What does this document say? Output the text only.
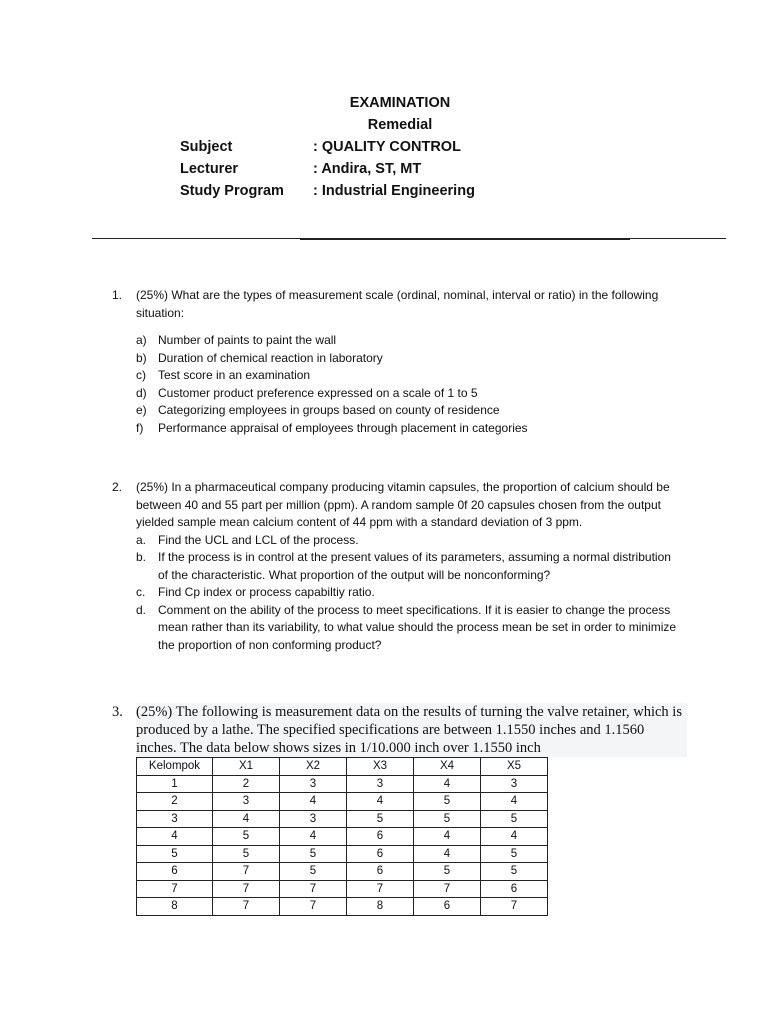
EXAMINATION
Remedial
Subject	: QUALITY CONTROL
Lecturer	: Andira, ST, MT
Study Program : Industrial Engineering
1. (25%) What are the types of measurement scale (ordinal, nominal, interval or ratio) in the following situation:
a) Number of paints to paint the wall
b) Duration of chemical reaction in laboratory
c) Test score in an examination
d) Customer product preference expressed on a scale of 1 to 5
e) Categorizing employees in groups based on county of residence
f) Performance appraisal of employees through placement in categories
2. (25%) In a pharmaceutical company producing vitamin capsules, the proportion of calcium should be between 40 and 55 part per million (ppm). A random sample 0f 20 capsules chosen from the output yielded sample mean calcium content of 44 ppm with a standard deviation of 3 ppm.
a. Find the UCL and LCL of the process.
b. If the process is in control at the present values of its parameters, assuming a normal distribution of the characteristic. What proportion of the output will be nonconforming?
c. Find Cp index or process capabiltiy ratio.
d. Comment on the ability of the process to meet specifications. If it is easier to change the process mean rather than its variability, to what value should the process mean be set in order to minimize the proportion of non conforming product?
3. (25%) The following is measurement data on the results of turning the valve retainer, which is produced by a lathe. The specified specifications are between 1.1550 inches and 1.1560 inches. The data below shows sizes in 1/10.000 inch over 1.1550 inch
Kelompok	X1	X2	X3	X4	X5
1	2	3	3	4	3
2	3	4	4	5	4
3	4	3	5	5	5
4	5	4	6	4	4
5	5	5	6	4	5
6	7	5	6	5	5
7	7	7	7	7	6
8	7	7	8	6	7
